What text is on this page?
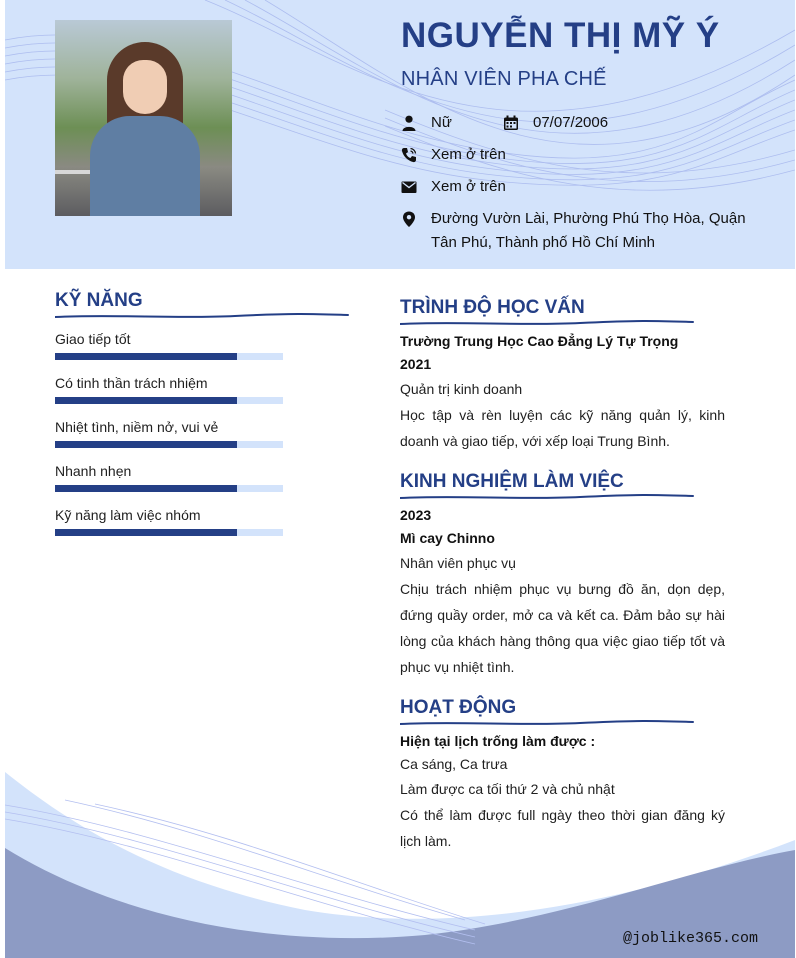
NGUYỄN THỊ MỸ Ý
NHÂN VIÊN PHA CHẾ
Nữ	07/07/2006
Xem ở trên
Xem ở trên
Đường Vườn Lài, Phường Phú Thọ Hòa, Quận Tân Phú, Thành phố Hồ Chí Minh
KỸ NĂNG
Giao tiếp tốt
Có tinh thần trách nhiệm
Nhiệt tình, niềm nở, vui vẻ
Nhanh nhẹn
Kỹ năng làm việc nhóm
TRÌNH ĐỘ HỌC VẤN
Trường Trung Học Cao Đẳng Lý Tự Trọng
2021
Quản trị kinh doanh
Học tập và rèn luyện các kỹ năng quản lý, kinh doanh và giao tiếp, với xếp loại Trung Bình.
KINH NGHIỆM LÀM VIỆC
2023
Mì cay Chinno
Nhân viên phục vụ
Chịu trách nhiệm phục vụ bưng đồ ăn, dọn dẹp, đứng quầy order, mở ca và kết ca. Đảm bảo sự hài lòng của khách hàng thông qua việc giao tiếp tốt và phục vụ nhiệt tình.
HOẠT ĐỘNG
Hiện tại lịch trống làm được :
Ca sáng, Ca trưa
Làm được ca tối thứ 2 và chủ nhật
Có thể làm được full ngày theo thời gian đăng ký lịch làm.
@joblike365.com
